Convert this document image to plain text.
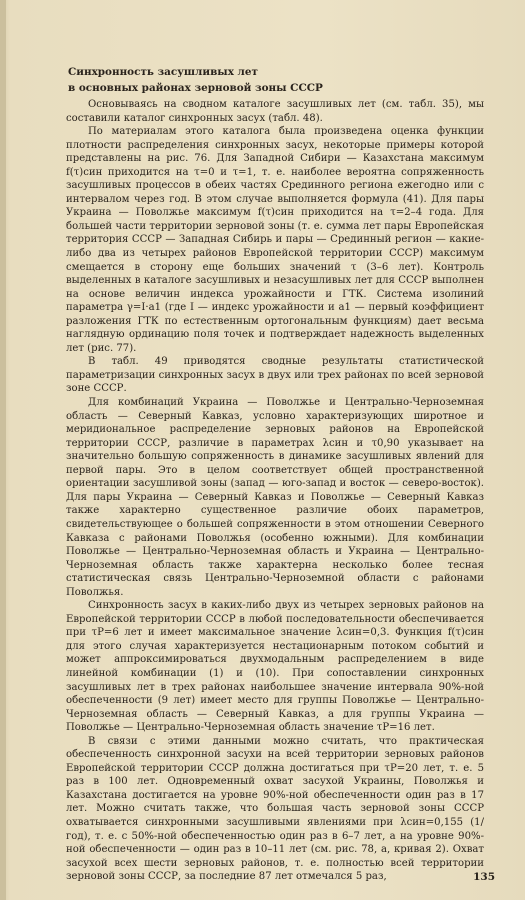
Синхронность засушливых лет
в основных районах зерновой зоны СССР

Основываясь на сводном каталоге засушливых лет (см. табл. 35), мы составили каталог синхронных засух (табл. 48).

По материалам этого каталога была произведена оценка функции плотности распределения синхронных засух, некоторые примеры которой представлены на рис. 76. Для Западной Сибири — Казахстана максимум f(τ)син приходится на τ=0 и τ=1, т. е. наиболее вероятна сопряженность засушливых процессов в обеих частях Срединного региона ежегодно или с интервалом через год. В этом случае выполняется формула (41). Для пары Украина — Поволжье максимум f(τ)син приходится на τ=2–4 года. Для большей части территории зерновой зоны (т. е. сумма лет пары Европейская территория СССР — Западная Сибирь и пары — Срединный регион — какие-либо два из четырех районов Европейской территории СССР) максимум смещается в сторону еще больших значений τ (3–6 лет). Контроль выделенных в каталоге засушливых и незасушливых лет для СССР выполнен на основе величин индекса урожайности и ГТК. Система изолиний параметра γ=I·a1 (где I — индекс урожайности и a1 — первый коэффициент разложения ГТК по естественным ортогональным функциям) дает весьма наглядную ординацию поля точек и подтверждает надежность выделенных лет (рис. 77).

В табл. 49 приводятся сводные результаты статистической параметризации синхронных засух в двух или трех районах по всей зерновой зоне СССР.

Для комбинаций Украина — Поволжье и Центрально-Черноземная область — Северный Кавказ, условно характеризующих широтное и меридиональное распределение зерновых районов на Европейской территории СССР, различие в параметрах λсин и τ0,90 указывает на значительно большую сопряженность в динамике засушливых явлений для первой пары. Это в целом соответствует общей пространственной ориентации засушливой зоны (запад — юго-запад и восток — северо-восток). Для пары Украина — Северный Кавказ и Поволжье — Северный Кавказ также характерно существенное различие обоих параметров, свидетельствующее о большей сопряженности в этом отношении Северного Кавказа с районами Поволжья (особенно южными). Для комбинации Поволжье — Центрально-Черноземная область и Украина — Центрально-Черноземная область также характерна несколько более тесная статистическая связь Центрально-Черноземной области с районами Поволжья.

Синхронность засух в каких-либо двух из четырех зерновых районов на Европейской территории СССР в любой последовательности обеспечивается при τP=6 лет и имеет максимальное значение λсин=0,3. Функция f(τ)син для этого случая характеризуется нестационарным потоком событий и может аппроксимироваться двухмодальным распределением в виде линейной комбинации (1) и (10). При сопоставлении синхронных засушливых лет в трех районах наибольшее значение интервала 90%-ной обеспеченности (9 лет) имеет место для группы Поволжье — Центрально-Черноземная область — Северный Кавказ, а для группы Украина — Поволжье — Центрально-Черноземная область значение τP=16 лет.

В связи с этими данными можно считать, что практическая обеспеченность синхронной засухи на всей территории зерновых районов Европейской территории СССР должна достигаться при τP=20 лет, т. е. 5 раз в 100 лет. Одновременный охват засухой Украины, Поволжья и Казахстана достигается на уровне 90%-ной обеспеченности один раз в 17 лет. Можно считать также, что большая часть зерновой зоны СССР охватывается синхронными засушливыми явлениями при λсин=0,155 (1/год), т. е. с 50%-ной обеспеченностью один раз в 6–7 лет, а на уровне 90%-ной обеспеченности — один раз в 10–11 лет (см. рис. 78, а, кривая 2). Охват засухой всех шести зерновых районов, т. е. полностью всей территории зерновой зоны СССР, за последние 87 лет отмечался 5 раз,	135
